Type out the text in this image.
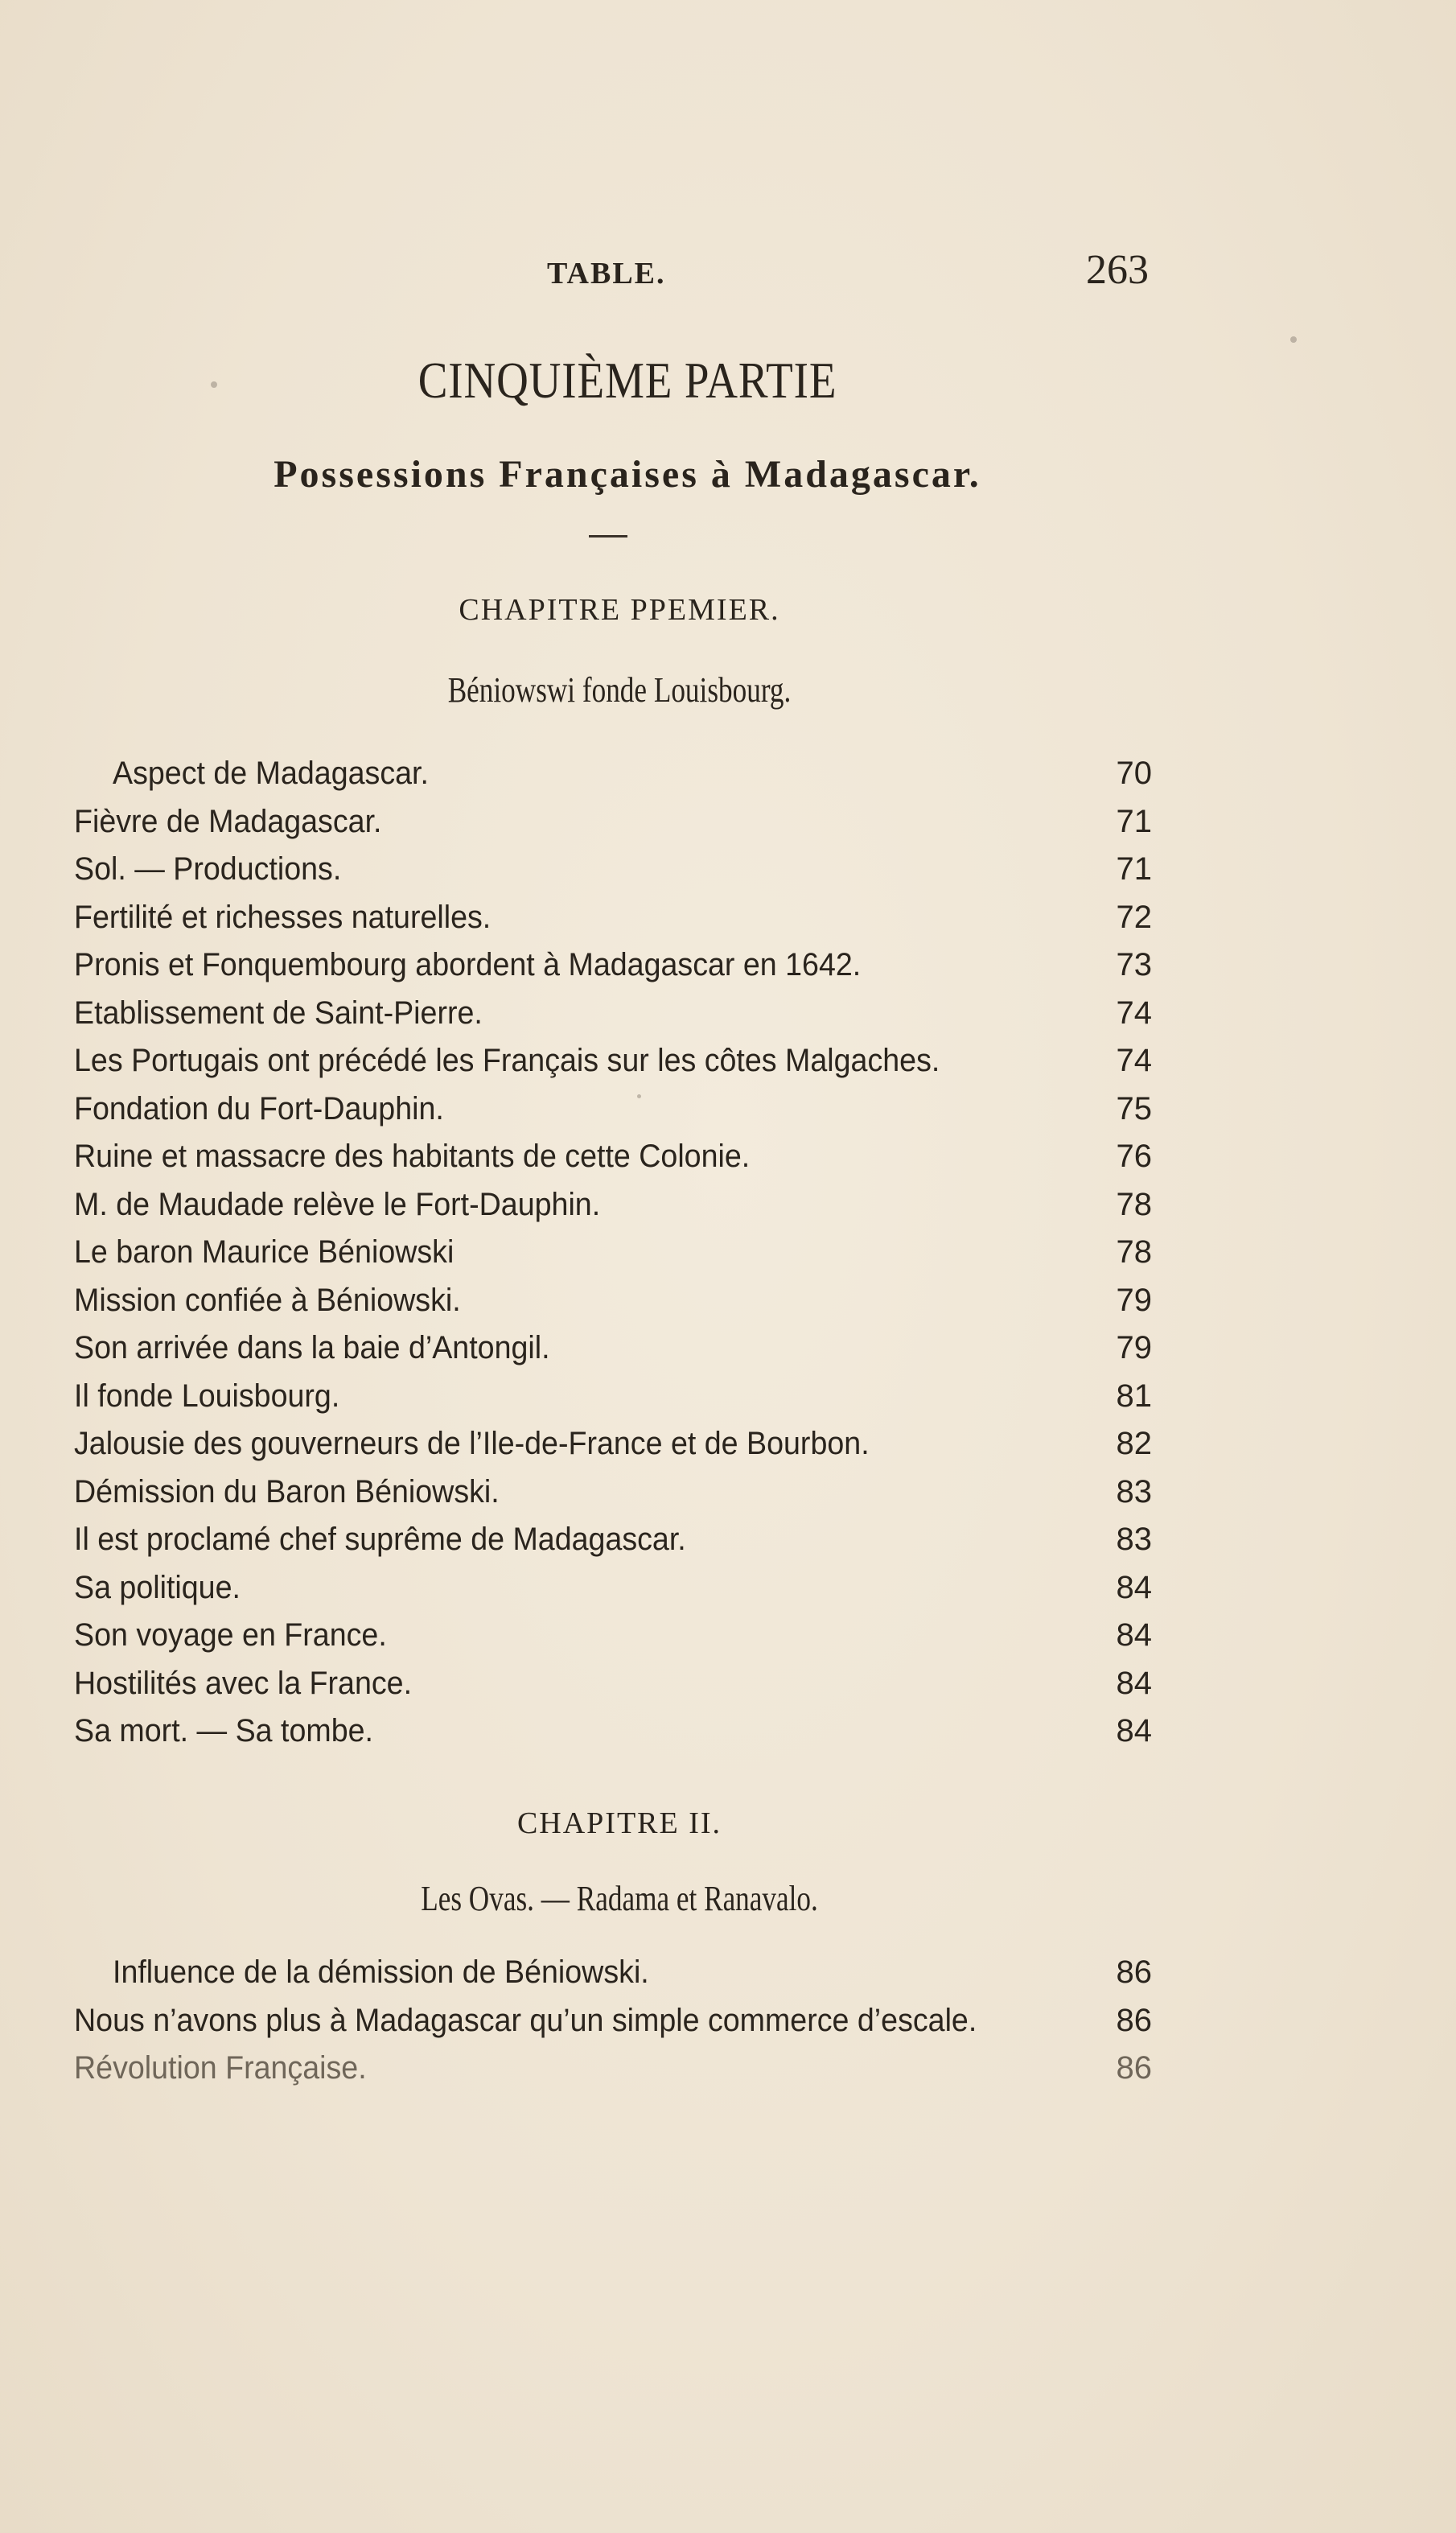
TABLE.	263
CINQUIÈME PARTIE
Possessions Françaises à Madagascar.
CHAPITRE PPEMIER.
Béniowswi fonde Louisbourg.
Aspect de Madagascar.	70
Fièvre de Madagascar.	71
Sol. — Productions.	71
Fertilité et richesses naturelles.	72
Pronis et Fonquembourg abordent à Madagascar en 1642.	73
Etablissement de Saint-Pierre.	74
Les Portugais ont précédé les Français sur les côtes Malgaches.	74
Fondation du Fort-Dauphin.	75
Ruine et massacre des habitants de cette Colonie.	76
M. de Maudade relève le Fort-Dauphin.	78
Le baron Maurice Béniowski	78
Mission confiée à Béniowski.	79
Son arrivée dans la baie d’Antongil.	79
Il fonde Louisbourg.	81
Jalousie des gouverneurs de l’Ile-de-France et de Bourbon.	82
Démission du Baron Béniowski.	83
Il est proclamé chef suprême de Madagascar.	83
Sa politique.	84
Son voyage en France.	84
Hostilités avec la France.	84
Sa mort. — Sa tombe.	84
CHAPITRE II.
Les Ovas. — Radama et Ranavalo.
Influence de la démission de Béniowski.	86
Nous n’avons plus à Madagascar qu’un simple commerce d’escale.	86
Révolution Française.	86
